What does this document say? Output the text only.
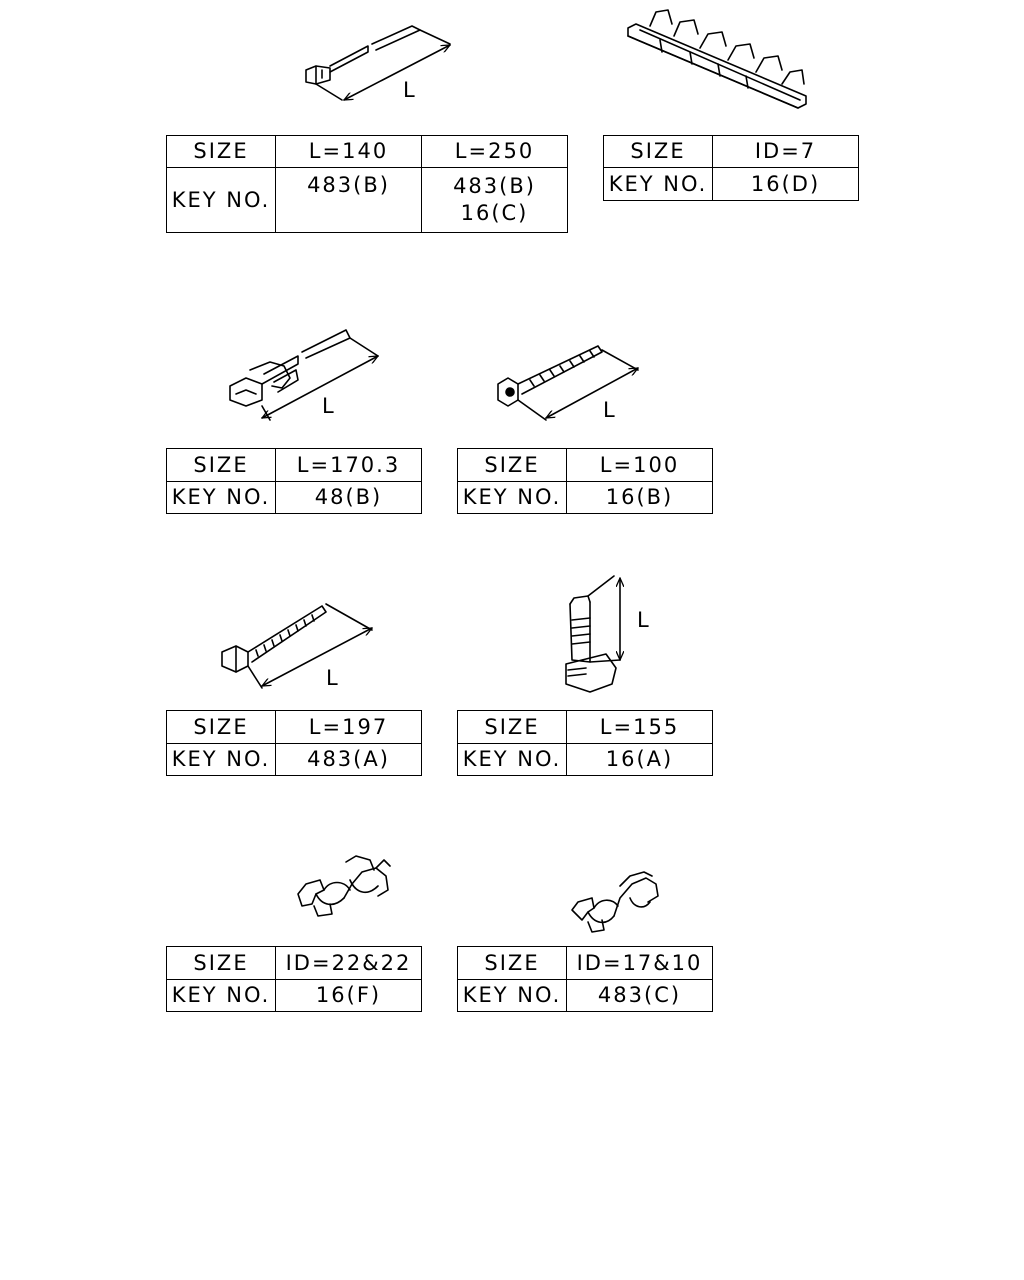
L
L	L
L
L
SIZE	L=140	L=250
KEY NO.	483(B)	483(B)
16(C)
SIZE	ID=7
KEY NO.	16(D)
SIZE	L=170.3
KEY NO.	48(B)
SIZE	L=100
KEY NO.	16(B)
SIZE	L=197
KEY NO.	483(A)
SIZE	L=155
KEY NO.	16(A)
SIZE	ID=22&22
KEY NO.	16(F)
SIZE	ID=17&10
KEY NO.	483(C)
